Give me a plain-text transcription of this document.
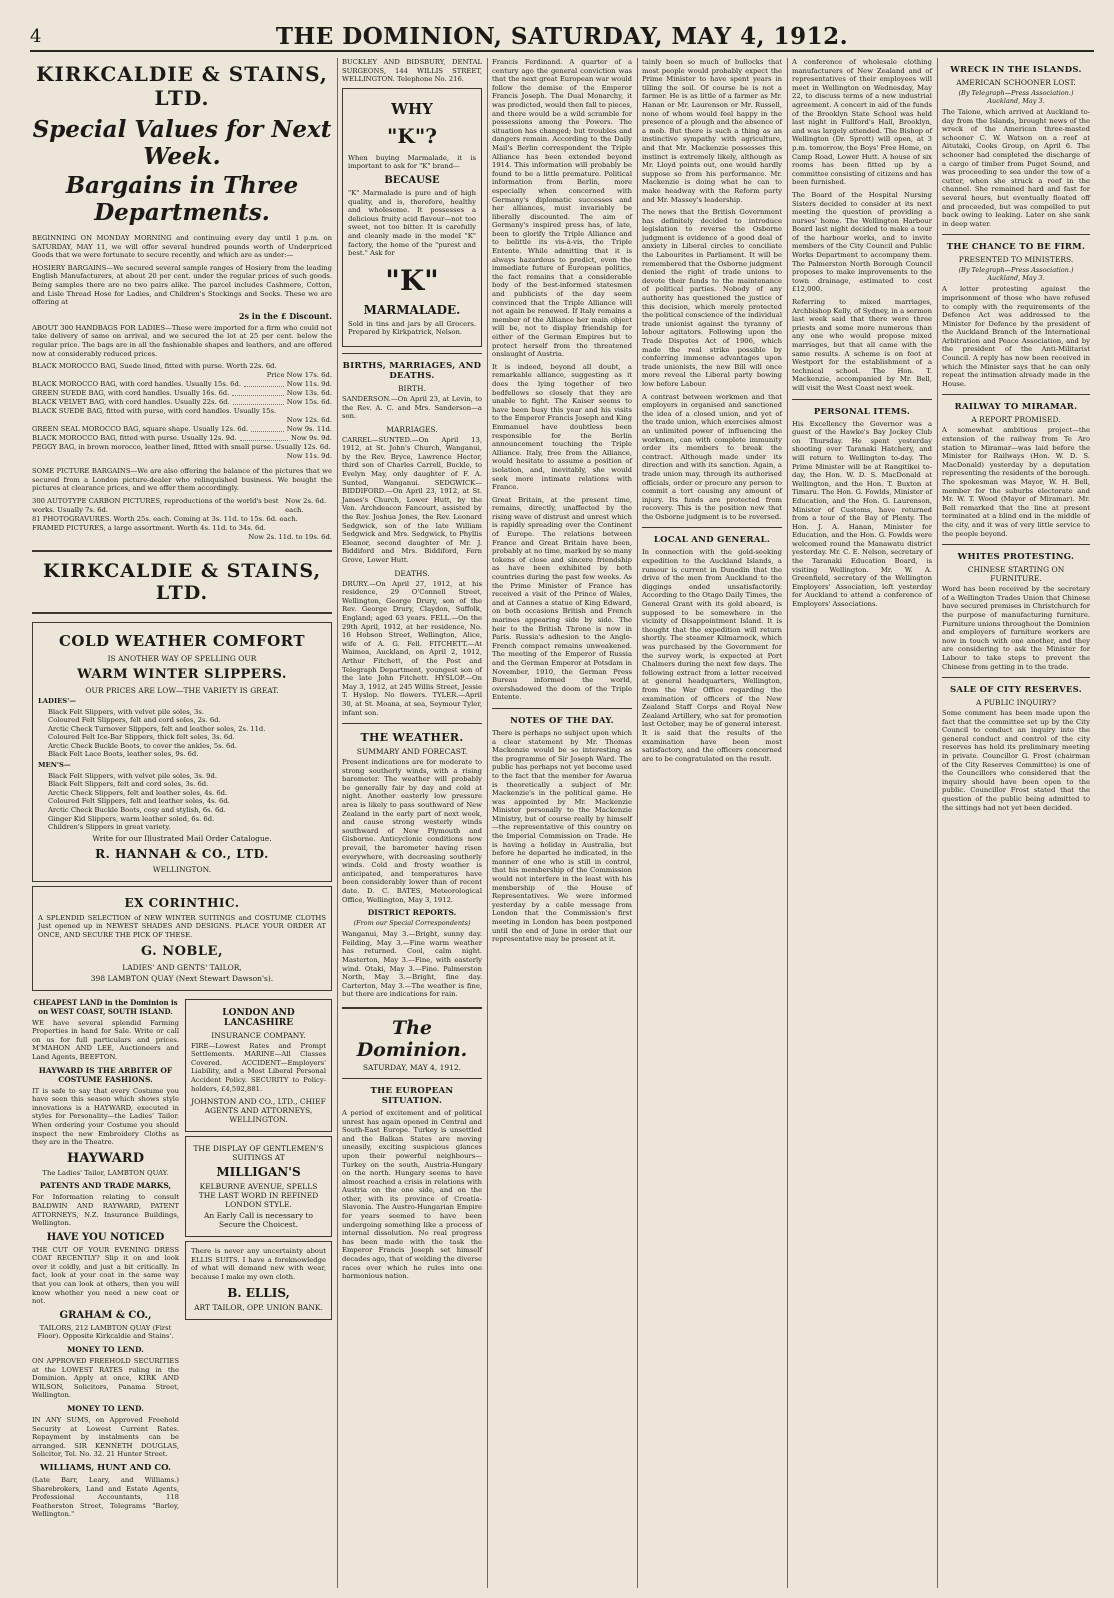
4	THE DOMINION, SATURDAY, MAY 4, 1912.
KIRKCALDIE & STAINS, LTD.
Special Values for Next Week.
Bargains in Three Departments.

BEGINNING ON MONDAY MORNING and continuing every day until 1 p.m. on SATURDAY, MAY 11, we will offer several hundred pounds worth of Underpriced Goods that we were fortunate to secure recently, and which are as under:—

HOSIERY BARGAINS—We secured several sample ranges of Hosiery from the leading English Manufacturers, at about 20 per cent. under the regular prices of such goods. Being samples there are no two pairs alike. The parcel includes Cashmere, Cotton, and Lisle Thread Hose for Ladies, and Children's Stockings and Socks. These we are offering at

2s in the £ Discount.

ABOUT 300 HANDBAGS FOR LADIES—These were imported for a firm who could not take delivery of same on arrival, and we secured the lot at 25 per cent. below the regular price. The bags are in all the fashionable shapes and leathers, and are offered now at considerably reduced prices.

BLACK MOROCCO BAG, Suede lined, fitted with purse. Worth 22s. 6d.
Price Now 17s. 6d.
BLACK MOROCCO BAG, with cord handles. Usually 15s. 6d.	Now 11s. 9d.
GREEN SUEDE BAG, with cord handles. Usually 16s. 6d.	Now 13s. 6d.
BLACK VELVET BAG, with cord handles. Usually 22s. 6d.	Now 15s. 6d.
BLACK SUEDE BAG, fitted with purse, with cord handles. Usually 15s.
Now 12s. 6d.
GREEN SEAL MOROCCO BAG, square shape. Usually 12s. 6d.	Now 9s. 11d.
BLACK MOROCCO BAG, fitted with purse. Usually 12s. 9d.	Now 9s. 9d.
PEGGY BAG, in brown morocco, leather lined, fitted with small purse. Usually 12s. 6d.
Now 11s. 9d.

SOME PICTURE BARGAINS—We are also offering the balance of the pictures that we secured from a London picture-dealer who relinquished business. We bought the pictures at clearance prices, and we offer them accordingly.

300 AUTOTYPE CARBON PICTURES, reproductions of the world's best works. Usually 7s. 6d.
Now 2s. 6d. each.
81 PHOTOGRAVURES. Worth 25s. each. Coming at 3s. 11d. to 15s. 6d. each.
FRAMED PICTURES, a large assortment. Worth 4s. 11d. to 34s. 6d.
Now 2s. 11d. to 19s. 6d.
KIRKCALDIE & STAINS, LTD.
COLD WEATHER COMFORT
IS ANOTHER WAY OF SPELLING OUR
WARM WINTER SLIPPERS.
OUR PRICES ARE LOW—THE VARIETY IS GREAT.
LADIES'—
Black Felt Slippers, with velvet pile soles, 3s.
Coloured Felt Slippers, felt and cord soles, 2s. 6d.
Arctic Check Turnover Slippers, felt and leather soles, 2s. 11d.
Coloured Felt Ice-Bar Slippers, thick felt soles, 3s. 6d.
Arctic Check Buckle Boots, to cover the ankles, 5s. 6d.
Black Felt Lace Boots, leather soles, 9s. 6d.
MEN'S—
Black Felt Slippers, with velvet pile soles, 3s. 9d.
Black Felt Slippers, felt and cord soles, 3s. 6d.
Arctic Check Slippers, felt and leather soles, 4s. 6d.
Coloured Felt Slippers, felt and leather soles, 4s. 6d.
Arctic Check Buckle Boots, cosy and stylish, 6s. 6d.
Ginger Kid Slippers, warm leather soled, 6s. 6d.
Children's Slippers in great variety.
Write for our Illustrated Mail Order Catalogue.
R. HANNAH & CO., LTD.
WELLINGTON.
EX CORINTHIC.

A SPLENDID SELECTION of NEW WINTER SUITINGS and COSTUME CLOTHS Just opened up in NEWEST SHADES AND DESIGNS. PLACE YOUR ORDER AT ONCE, AND SECURE THE PICK OF THESE.

G. NOBLE,
LADIES' AND GENTS' TAILOR,
398 LAMBTON QUAY (Next Stewart Dawson's).
CHEAPEST LAND in the Dominion is on WEST COAST, SOUTH ISLAND.

WE have several splendid Farming Properties in hand for Sale. Write or call on us for full particulars and prices. M'MAHON AND LEE, Auctioneers and Land Agents, BEEFTON.

HAYWARD IS THE ARBITER OF COSTUME FASHIONS.

IT is safe to say that every Costume you have seen this season which shows style innovations is a HAYWARD, executed in styles for Personality—the Ladies' Tailor. When ordering your Costume you should inspect the new Embroidery Cloths as they are in the Theatre.

HAYWARD

The Ladies' Tailor, LAMBTON QUAY.

PATENTS AND TRADE MARKS,

For Information relating to consult BALDWIN AND RAYWARD, PATENT ATTORNEYS, N.Z. Insurance Buildings, Wellington.

HAVE YOU NOTICED

THE CUT OF YOUR EVENING DRESS COAT RECENTLY? Slip it on and look over it coldly, and just a bit critically. In fact, look at your coat in the same way that you can look at others, then you will know whether you need a new coat or not.

GRAHAM & CO.,

TAILORS, 212 LAMBTON QUAY (First Floor). Opposite Kirkcaldie and Stains'.

MONEY TO LEND.

ON APPROVED FREEHOLD SECURITIES at the LOWEST RATES ruling in the Dominion. Apply at once, KIRK AND WILSON, Solicitors, Panama Street, Wellington.

MONEY TO LEND.

IN ANY SUMS, on Approved Freehold Security at Lowest Current Rates. Repayment by instalments can be arranged. SIR KENNETH DOUGLAS, Solicitor, Tel. No. 32. 21 Hunter Street.

WILLIAMS, HUNT AND CO.

(Late Barr, Leary, and Williams.) Sharebrokers, Land and Estate Agents, Professional Accountants, 118 Featherston Street, Telegrams "Barley, Wellington."

LONDON AND LANCASHIRE
INSURANCE COMPANY.

FIRE—Lowest Rates and Prompt Settlements. MARINE—All Classes Covered. ACCIDENT—Employers' Liability, and a Most Liberal Personal Accident Policy. SECURITY to Policy-holders, £4,592,881.

JOHNSTON AND CO., LTD., CHIEF AGENTS AND ATTORNEYS, WELLINGTON.
THE DISPLAY OF GENTLEMEN'S SUITINGS AT
MILLIGAN'S
KELBURNE AVENUE, SPELLS THE LAST WORD IN REFINED LONDON STYLE.
An Early Call is necessary to Secure the Choicest.

There is never any uncertainty about ELLIS SUITS. I have a foreknowledge of what will demand new with wear, because I make my own cloth.

B. ELLIS,
ART TAILOR, OPP. UNION BANK.

BUCKLEY AND BIDSBURY, DENTAL SURGEONS, 144 WILLIS STREET, WELLINGTON. Telephone No. 216.

WHY
"K"?

When buying Marmalade, it is important to ask for "K" brand—

BECAUSE

"K" Marmalade is pure and of high quality, and is, therefore, healthy and wholesome. It possesses a delicious fruity acid flavour—not too sweet, not too bitter. It is carefully and cleanly made in the model "K" factory, the home of the "purest and best." Ask for

"K"
MARMALADE.

Sold in tins and jars by all Grocers. Prepared by Kirkpatrick, Nelson.

BIRTHS, MARRIAGES, AND DEATHS.
BIRTH.

SANDERSON.—On April 23, at Levin, to the Rev. A. C. and Mrs. Sanderson—a son.

MARRIAGES.

CARREL—SUNTED.—On April 13, 1912, at St. John's Church, Wanganui, by the Rev. Bryce, Lawrence Hector, third son of Charles Carrell, Buckle, to Evelyn May, only daughter of F. A. Sunted, Wanganui. SEDGWICK—BIDDIFORD.—On April 23, 1912, at St. James's Church, Lower Hutt, by the Ven. Archdeacon Fancourt, assisted by the Rev. Joshua Jones, the Rev. Leonard Sedgwick, son of the late William Sedgwick and Mrs. Sedgwick, to Phyllis Eleanor, second daughter of Mr. J. Biddiford and Mrs. Biddiford, Fern Grove, Lower Hutt.

DEATHS.

DRURY.—On April 27, 1912, at his residence, 29 O'Connell Street, Wellington, George Drury, son of the Rev. George Drury, Claydon, Suffolk, England; aged 63 years. FELL.—On the 29th April, 1912, at her residence, No. 16 Hobson Street, Wellington, Alice, wife of A. G. Fell. FITCHETT.—At Waimea, Auckland, on April 2, 1912, Arthur Fitchett, of the Post and Telegraph Department, youngest son of the late John Fitchett. HYSLOP.—On May 3, 1912, at 245 Willis Street, Jessie T. Hyslop. No flowers. TYLER.—April 30, at St. Moana, at sea, Seymour Tyler, infant son.

THE WEATHER.
SUMMARY AND FORECAST.

Present indications are for moderate to strong southerly winds, with a rising barometer. The weather will probably be generally fair by day and cold at night. Another easterly low pressure area is likely to pass southward of New Zealand in the early part of next week, and cause strong westerly winds southward of New Plymouth and Gisborne. Anticyclonic conditions now prevail, the barometer having risen everywhere, with decreasing southerly winds. Cold and frosty weather is anticipated, and temperatures have been considerably lower than of recent date. D. C. BATES, Meteorological Office, Wellington, May 3, 1912.

DISTRICT REPORTS.
(From our Special Correspondents)

Wanganui, May 3.—Bright, sunny day. Feilding, May 3.—Fine warm weather has returned. Cool, calm night. Masterton, May 3.—Fine, with easterly wind. Otaki, May 3.—Fine. Palmerston North, May 3.—Bright, fine day. Carterton, May 3.—The weather is fine, but there are indications for rain.

The Dominion.
SATURDAY, MAY 4, 1912.
THE EUROPEAN SITUATION.

A period of excitement and of political unrest has again opened in Central and South-East Europe. Turkey is unsettled and the Balkan States are moving uneasily, exciting suspicious glances upon their powerful neighbours—Turkey on the south, Austria-Hungary on the north. Hungary seems to have almost reached a crisis in relations with Austria on the one side, and on the other, with its province of Croatia-Slavonia. The Austro-Hungarian Empire for years seemed to have been undergoing something like a process of internal dissolution. No real progress has been made with the task the Emperor Francis Joseph set himself decades ago, that of welding the diverse races over which he rules into one harmonious nation.

Francis Ferdinand. A quarter of a century ago the general conviction was that the next great European war would follow the demise of the Emperor Francis Joseph. The Dual Monarchy, it was predicted, would then fall to pieces, and there would be a wild scramble for possessions among the Powers. The situation has changed; but troubles and dangers remain. According to the Daily Mail's Berlin correspondent the Triple Alliance has been extended beyond 1914. This information will probably be found to be a little premature. Political information from Berlin, more especially when concerned with Germany's diplomatic successes and her alliances, must invariably be liberally discounted. The aim of Germany's inspired press has, of late, been to glorify the Triple Alliance and to belittle its vis-à-vis, the Triple Entente. While admitting that it is always hazardous to predict, even the immediate future of European politics, the fact remains that a considerable body of the best-informed statesmen and publicists of the day seem convinced that the Triple Alliance will not again be renewed. If Italy remains a member of the Alliance her main object will be, not to display friendship for either of the German Empires but to protect herself from the threatened onslaught of Austria.

It is indeed, beyond all doubt, a remarkable alliance, suggesting as it does the lying together of two bedfellows so closely that they are unable to fight. The Kaiser seems to have been busy this year and his visits to the Emperor Francis Joseph and King Emmanuel have doubtless been responsible for the Berlin announcement touching the Triple Alliance. Italy, free from the Alliance, would hesitate to assume a position of isolation, and, inevitably, she would seek more intimate relations with France.

Great Britain, at the present time, remains, directly, unaffected by the rising wave of distrust and unrest which is rapidly spreading over the Continent of Europe. The relations between France and Great Britain have been, probably at no time, marked by so many tokens of close and sincere friendship as have been exhibited by both countries during the past few weeks. As the Prime Minister of France has received a visit of the Prince of Wales, and at Cannes a statue of King Edward, on both occasions British and French marines appearing side by side. The heir to the British Throne is now in Paris. Russia's adhesion to the Anglo-French compact remains unweakened. The meeting of the Emperor of Russia and the German Emperor at Potsdam in November, 1910, the German Press Bureau informed the world, overshadowed the doom of the Triple Entente.

NOTES OF THE DAY.

There is perhaps no subject upon which a clear statement by Mr. Thomas Mackenzie would be so interesting as the programme of Sir Joseph Ward. The public has perhaps not yet become used to the fact that the member for Awarua is theoretically a subject of Mr. Mackenzie's in the political game. He was appointed by Mr. Mackenzie Minister personally to the Mackenzie Ministry, but of course really by himself—the representative of this country on the Imperial Commission on Trade. He is having a holiday in Australia, but before he departed he indicated, in the manner of one who is still in control, that his membership of the Commission would not interfere in the least with his membership of the House of Representatives. We were informed yesterday by a cable message from London that the Commission's first meeting in London has been postponed until the end of June in order that our representative may be present at it.

tainly been so much of bullocks that most people would probably expect the Prime Minister to have spent years in tilling the soil. Of course he is not a farmer. He is as little of a farmer as Mr. Hanan or Mr. Laurenson or Mr. Russell, none of whom would feel happy in the presence of a plough and the absence of a mob. But there is such a thing as an instinctive sympathy with agriculture, and that Mr. Mackenzie possesses this instinct is extremely likely, although as Mr. Lloyd points out, one would hardly suppose so from his performance. Mr. Mackenzie is doing what he can to make headway with the Reform party and Mr. Massey's leadership.

The news that the British Government has definitely decided to introduce legislation to reverse the Osborne judgment is evidence of a good deal of anxiety in Liberal circles to conciliate the Labourites in Parliament. It will be remembered that the Osborne judgment denied the right of trade unions to devote their funds to the maintenance of political parties. Nobody of any authority has questioned the justice of this decision, which merely protected the political conscience of the individual trade unionist against the tyranny of labour agitators. Following upon the Trade Disputes Act of 1906, which made the real strike possible by conferring immense advantages upon trade unionists, the new Bill will once more reveal the Liberal party bowing low before Labour.

A contrast between workmen and that employers in organised and sanctioned the idea of a closed union, and yet of the trade union, which exercises almost an unlimited power of influencing the workmen, can with complete immunity order its members to break the contract. Although made under its direction and with its sanction. Again, a trade union may, through its authorised officials, order or procure any person to commit a tort causing any amount of injury. Its funds are protected from recovery. This is the position now that the Osborne judgment is to be reversed.

LOCAL AND GENERAL.

In connection with the gold-seeking expedition to the Auckland Islands, a rumour is current in Dunedin that the drive of the men from Auckland to the diggings ended unsatisfactorily. According to the Otago Daily Times, the General Grant with its gold aboard, is supposed to be somewhere in the vicinity of Disappointment Island. It is thought that the expedition will return shortly. The steamer Kilmarnock, which was purchased by the Government for the survey work, is expected at Port Chalmers during the next few days. The following extract from a letter received at general headquarters, Wellington, from the War Office regarding the examination of officers of the New Zealand Staff Corps and Royal New Zealand Artillery, who sat for promotion last October, may be of general interest. It is said that the results of the examination have been most satisfactory, and the officers concerned are to be congratulated on the result.

A conference of wholesale clothing manufacturers of New Zealand and of representatives of their employees will meet in Wellington on Wednesday, May 22, to discuss terms of a new industrial agreement. A concert in aid of the funds of the Brooklyn State School was held last night in Fullford's Hall, Brooklyn, and was largely attended. The Bishop of Wellington (Dr. Sprott) will open, at 3 p.m. tomorrow, the Boys' Free Home, on Camp Road, Lower Hutt. A house of six rooms has been fitted up by a committee consisting of citizens and has been furnished.

The Board of the Hospital Nursing Sisters decided to consider at its next meeting the question of providing a nurses' home. The Wellington Harbour Board last night decided to make a tour of the harbour works, and to invite members of the City Council and Public Works Department to accompany them. The Palmerston North Borough Council proposes to make improvements to the town drainage, estimated to cost £12,000.

Referring to mixed marriages, Archbishop Kelly, of Sydney, in a sermon last week said that there were three priests and some more numerous than any one who would propose mixed marriages, but that all came with the same results. A scheme is on foot at Westport for the establishment of a technical school. The Hon. T. Mackenzie, accompanied by Mr. Bell, will visit the West Coast next week.

PERSONAL ITEMS.

His Excellency the Governor was a guest of the Hawke's Bay Jockey Club on Thursday. He spent yesterday shooting over Taranaki Hatchery, and will return to Wellington to-day. The Prime Minister will be at Rangitikei to-day, the Hon. W. D. S. MacDonald at Wellington, and the Hon. T. Buxton at Timaru. The Hon. G. Fowlds, Minister of Education, and the Hon. G. Laurenson, Minister of Customs, have returned from a tour of the Bay of Plenty. The Hon. J. A. Hanan, Minister for Education, and the Hon. G. Fowlds were welcomed round the Manawatu district yesterday. Mr. C. E. Nelson, secretary of the Taranaki Education Board, is visiting Wellington. Mr. W. A. Greenfield, secretary of the Wellington Employers' Association, left yesterday for Auckland to attend a conference of Employers' Associations.

WRECK IN THE ISLANDS.
AMERICAN SCHOONER LOST.
(By Telegraph—Press Association.) Auckland, May 3.

The Taione, which arrived at Auckland to-day from the Islands, brought news of the wreck of the American three-masted schooner C. W. Watson on a reef at Aitutaki, Cooks Group, on April 6. The schooner had completed the discharge of a cargo of timber from Puget Sound, and was proceeding to sea under the tow of a cutter, when she struck a reef in the channel. She remained hard and fast for several hours, but eventually floated off and proceeded, but was compelled to put back owing to leaking. Later on she sank in deep water.

THE CHANCE TO BE FIRM.
PRESENTED TO MINISTERS.
(By Telegraph—Press Association.) Auckland, May 3.

A letter protesting against the imprisonment of those who have refused to comply with the requirements of the Defence Act was addressed to the Minister for Defence by the president of the Auckland Branch of the International Arbitration and Peace Association, and by the president of the Anti-Militarist Council. A reply has now been received in which the Minister says that he can only repeat the intimation already made in the House.

RAILWAY TO MIRAMAR.
A REPORT PROMISED.

A somewhat ambitious project—the extension of the railway from Te Aro station to Miramar—was laid before the Minister for Railways (Hon. W. D. S. MacDonald) yesterday by a deputation representing the residents of the borough. The spokesman was Mayor, W. H. Bell, member for the suburbs electorate and Mr. W. T. Wood (Mayor of Miramar). Mr. Bell remarked that the line at present terminated at a blind end in the middle of the city, and it was of very little service to the people beyond.

WHITES PROTESTING.
CHINESE STARTING ON FURNITURE.

Word has been received by the secretary of a Wellington Trades Union that Chinese have secured premises in Christchurch for the purpose of manufacturing furniture. Furniture unions throughout the Dominion and employers of furniture workers are now in touch with one another, and they are considering to ask the Minister for Labour to take steps to prevent the Chinese from getting in to the trade.

SALE OF CITY RESERVES.
A PUBLIC INQUIRY?

Some comment has been made upon the fact that the committee set up by the City Council to conduct an inquiry into the general conduct and control of the city reserves has held its preliminary meeting in private. Councillor G. Frost (chairman of the City Reserves Committee) is one of the Councillors who considered that the inquiry should have been open to the public. Councillor Frost stated that the question of the public being admitted to the sittings had not yet been decided.
